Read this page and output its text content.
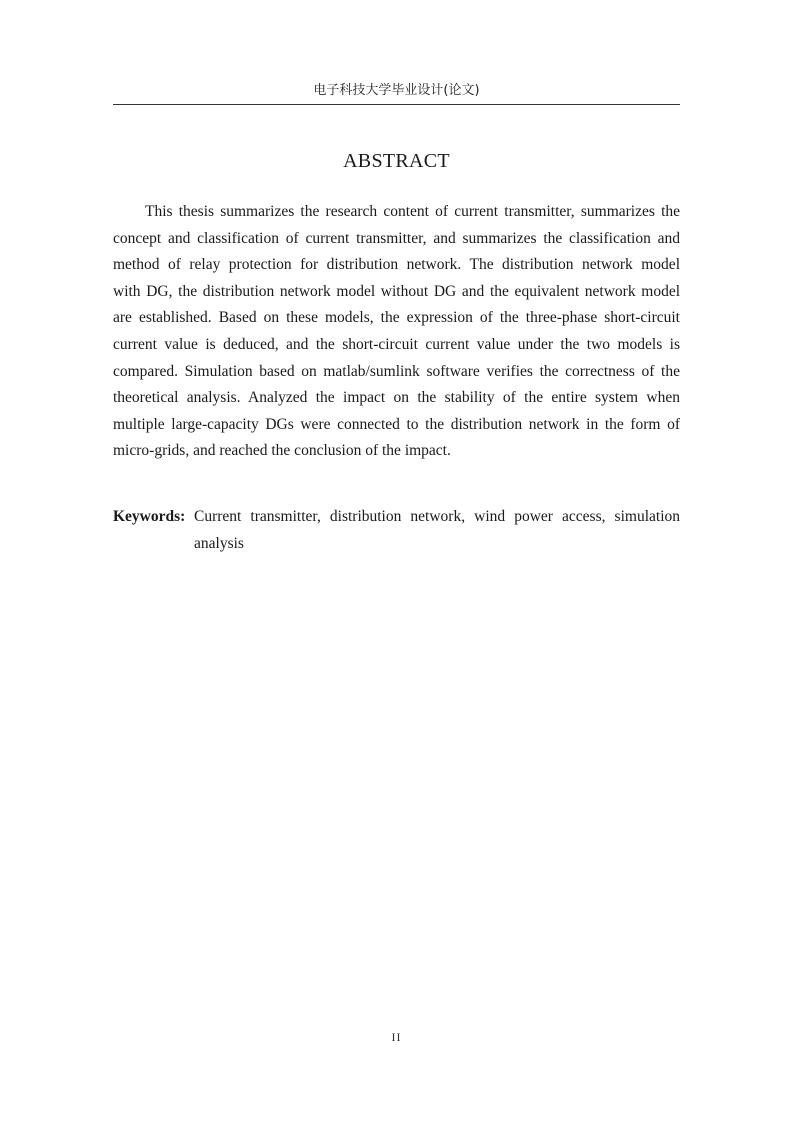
电子科技大学毕业设计(论文)
ABSTRACT
This thesis summarizes the research content of current transmitter, summarizes the
concept and classification of current transmitter, and summarizes the classification and
method of relay protection for distribution network. The distribution network model
with DG, the distribution network model without DG and the equivalent network model
are established. Based on these models, the expression of the three-phase short-circuit
current value is deduced, and the short-circuit current value under the two models is
compared. Simulation based on matlab/sumlink software verifies the correctness of the
theoretical analysis. Analyzed the impact on the stability of the entire system when
multiple large-capacity DGs were connected to the distribution network in the form of
micro-grids, and reached the conclusion of the impact.
Keywords: Current transmitter, distribution network, wind power access, simulation
analysis
II
